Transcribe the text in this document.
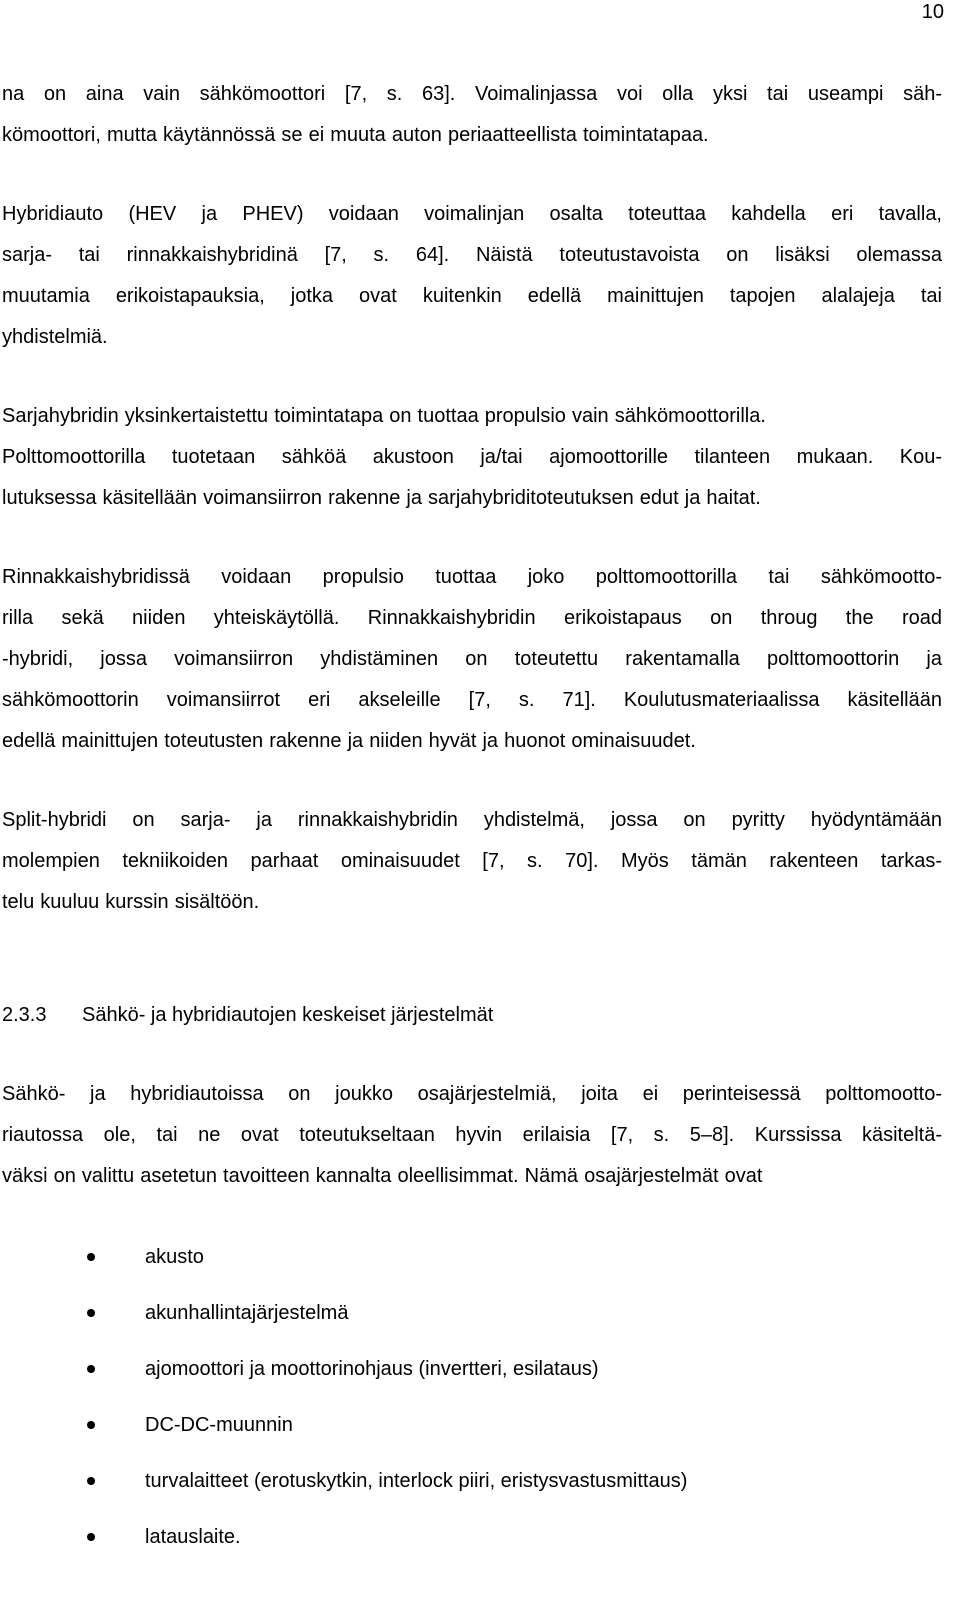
10

na on aina vain sähkömoottori [7, s. 63]. Voimalinjassa voi olla yksi tai useampi säh-
kömoottori, mutta käytännössä se ei muuta auton periaatteellista toimintatapaa.

Hybridiauto (HEV ja PHEV) voidaan voimalinjan osalta toteuttaa kahdella eri tavalla,
sarja- tai rinnakkaishybridinä [7, s. 64]. Näistä toteutustavoista on lisäksi olemassa
muutamia erikoistapauksia, jotka ovat kuitenkin edellä mainittujen tapojen alalajeja tai
yhdistelmiä.

Sarjahybridin yksinkertaistettu toimintatapa on tuottaa propulsio vain sähkömoottorilla.
Polttomoottorilla tuotetaan sähköä akustoon ja/tai ajomoottorille tilanteen mukaan. Kou-
lutuksessa käsitellään voimansiirron rakenne ja sarjahybriditoteutuksen edut ja haitat.

Rinnakkaishybridissä voidaan propulsio tuottaa joko polttomoottorilla tai sähkömootto-
rilla sekä niiden yhteiskäytöllä. Rinnakkaishybridin erikoistapaus on throug the road
-hybridi, jossa voimansiirron yhdistäminen on toteutettu rakentamalla polttomoottorin ja
sähkömoottorin voimansiirrot eri akseleille [7, s. 71]. Koulutusmateriaalissa käsitellään
edellä mainittujen toteutusten rakenne ja niiden hyvät ja huonot ominaisuudet.

Split-hybridi on sarja- ja rinnakkaishybridin yhdistelmä, jossa on pyritty hyödyntämään
molempien tekniikoiden parhaat ominaisuudet [7, s. 70]. Myös tämän rakenteen tarkas-
telu kuuluu kurssin sisältöön.

2.3.3 Sähkö- ja hybridiautojen keskeiset järjestelmät

Sähkö- ja hybridiautoissa on joukko osajärjestelmiä, joita ei perinteisessä polttomootto-
riautossa ole, tai ne ovat toteutukseltaan hyvin erilaisia [7, s. 5–8]. Kurssissa käsiteltä-
väksi on valittu asetetun tavoitteen kannalta oleellisimmat. Nämä osajärjestelmät ovat

akusto
akunhallintajärjestelmä
ajomoottori ja moottorinohjaus (invertteri, esilataus)
DC-DC-muunnin
turvalaitteet (erotuskytkin, interlock piiri, eristysvastusmittaus)
latauslaite.
